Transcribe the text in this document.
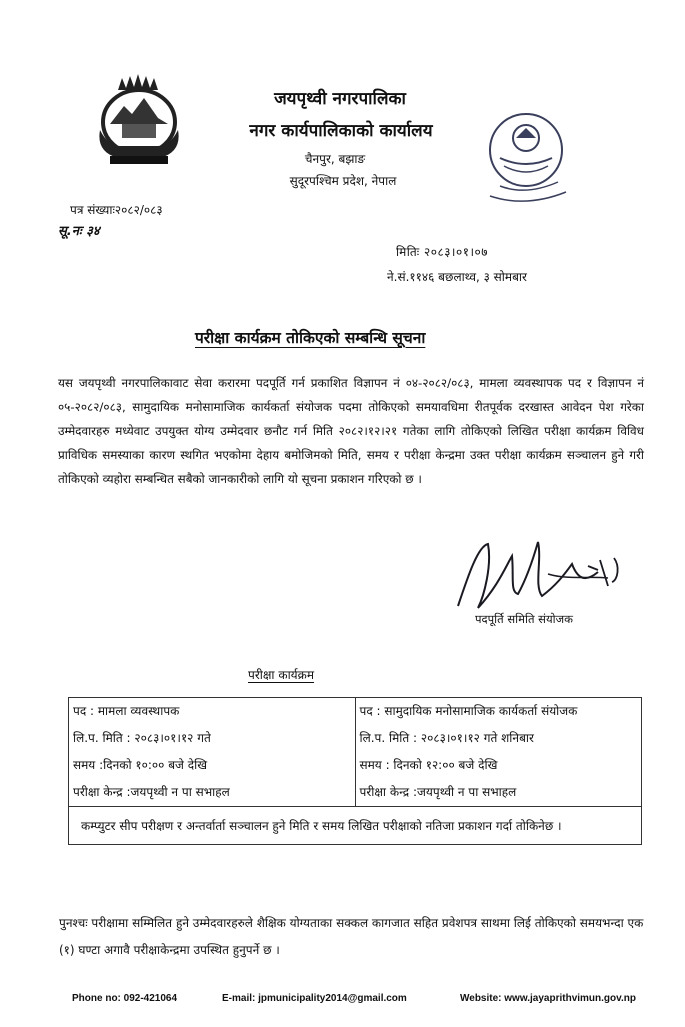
जयपृथ्वी नगरपालिका
नगर कार्यपालिकाको कार्यालय
चैनपुर, बझाङ
सुदूरपश्चिम प्रदेश, नेपाल
पत्र संख्याः२०८२/०८३
सू.नः ३४
मितिः २०८३।०१।०७
ने.सं.११४६ बछलाथ्व, ३ सोमबार
परीक्षा कार्यक्रम तोकिएको सम्बन्धि सूचना
यस जयपृथ्वी नगरपालिकावाट सेवा करारमा पदपूर्ति गर्न प्रकाशित विज्ञापन नं ०४-२०८२/०८३, मामला व्यवस्थापक पद र विज्ञापन नं ०५-२०८२/०८३, सामुदायिक मनोसामाजिक कार्यकर्ता संयोजक पदमा तोकिएको समयावधिमा रीतपूर्वक दरखास्त आवेदन पेश गरेका उम्मेदवारहरु मध्येवाट उपयुक्त योग्य उम्मेदवार छनौट गर्न मिति २०८२।१२।२१ गतेका लागि तोकिएको लिखित परीक्षा कार्यक्रम विविध प्राविधिक समस्याका कारण स्थगित भएकोमा देहाय बमोजिमको मिति, समय र परीक्षा केन्द्रमा उक्त परीक्षा कार्यक्रम सञ्चालन हुने गरी तोकिएको व्यहोरा सम्बन्धित सबैको जानकारीको लागि यो सूचना प्रकाशन गरिएको छ ।
पदपूर्ति समिति संयोजक
परीक्षा कार्यक्रम
पद : मामला व्यवस्थापक
लि.प. मिति : २०८३।०१।१२ गते
समय :दिनको १०:०० बजे देखि
परीक्षा केन्द्र :जयपृथ्वी न पा सभाहल

पद : सामुदायिक मनोसामाजिक कार्यकर्ता संयोजक
लि.प. मिति : २०८३।०१।१२ गते शनिबार
समय : दिनको १२:०० बजे देखि
परीक्षा केन्द्र :जयपृथ्वी न पा सभाहल

कम्प्युटर सीप परीक्षण र अन्तर्वार्ता सञ्चालन हुने मिति र समय लिखित परीक्षाको नतिजा प्रकाशन गर्दा तोकिनेछ ।
पुनश्चः परीक्षामा सम्मिलित हुने उम्मेदवारहरुले शैक्षिक योग्यताका सक्कल कागजात सहित प्रवेशपत्र साथमा लिई तोकिएको समयभन्दा एक (१) घण्टा अगावै परीक्षाकेन्द्रमा उपस्थित हुनुपर्ने छ ।
Phone no: 092-421064	E-mail: jpmunicipality2014@gmail.com	Website: www.jayaprithvimun.gov.np
